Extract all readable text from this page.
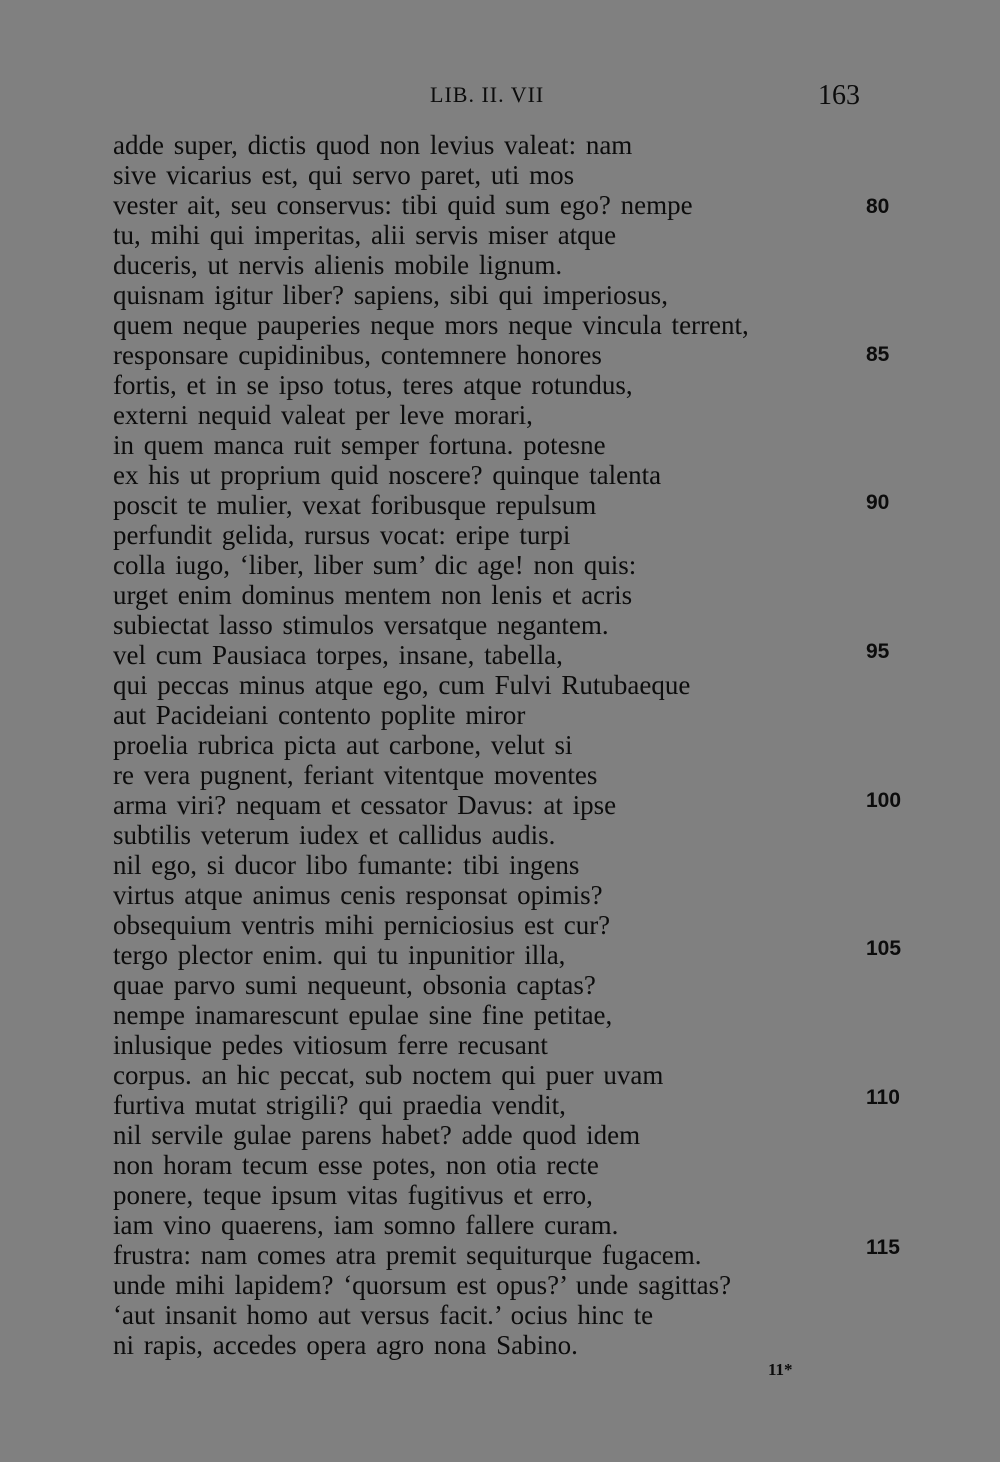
LIB. II. VII	163
adde super, dictis quod non levius valeat: nam
sive vicarius est, qui servo paret, uti mos
vester ait, seu conservus: tibi quid sum ego? nempe
tu, mihi qui imperitas, alii servis miser atque
duceris, ut nervis alienis mobile lignum.
quisnam igitur liber? sapiens, sibi qui imperiosus,
quem neque pauperies neque mors neque vincula terrent,
responsare cupidinibus, contemnere honores
fortis, et in se ipso totus, teres atque rotundus,
externi nequid valeat per leve morari,
in quem manca ruit semper fortuna. potesne
ex his ut proprium quid noscere? quinque talenta
poscit te mulier, vexat foribusque repulsum
perfundit gelida, rursus vocat: eripe turpi
colla iugo, ‘liber, liber sum’ dic age! non quis:
urget enim dominus mentem non lenis et acris
subiectat lasso stimulos versatque negantem.
vel cum Pausiaca torpes, insane, tabella,
qui peccas minus atque ego, cum Fulvi Rutubaeque
aut Pacideiani contento poplite miror
proelia rubrica picta aut carbone, velut si
re vera pugnent, feriant vitentque moventes
arma viri? nequam et cessator Davus: at ipse
subtilis veterum iudex et callidus audis.
nil ego, si ducor libo fumante: tibi ingens
virtus atque animus cenis responsat opimis?
obsequium ventris mihi perniciosius est cur?
tergo plector enim. qui tu inpunitior illa,
quae parvo sumi nequeunt, obsonia captas?
nempe inamarescunt epulae sine fine petitae,
inlusique pedes vitiosum ferre recusant
corpus. an hic peccat, sub noctem qui puer uvam
furtiva mutat strigili? qui praedia vendit,
nil servile gulae parens habet? adde quod idem
non horam tecum esse potes, non otia recte
ponere, teque ipsum vitas fugitivus et erro,
iam vino quaerens, iam somno fallere curam.
frustra: nam comes atra premit sequiturque fugacem.
unde mihi lapidem? ‘quorsum est opus?’ unde sagittas?
‘aut insanit homo aut versus facit.’ ocius hinc te
ni rapis, accedes opera agro nona Sabino.
80
85
90
95
100
105
110
115
11*
